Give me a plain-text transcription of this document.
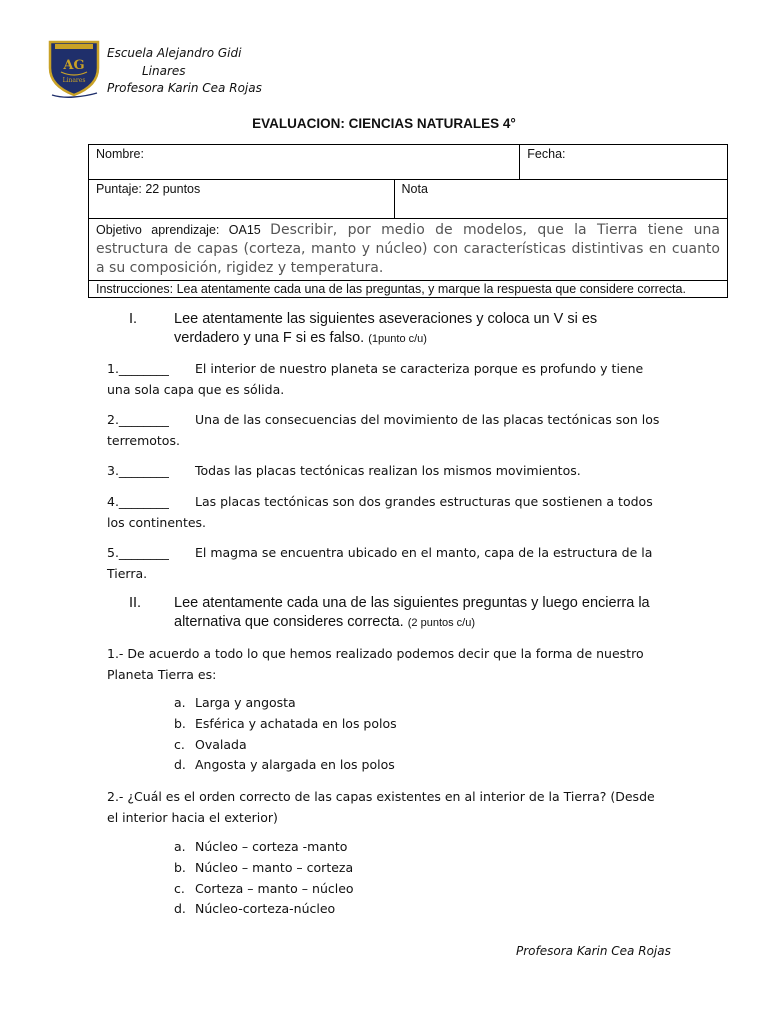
AG
Linares
Escuela Alejandro Gidi
Linares
Profesora Karin Cea Rojas
EVALUACION: CIENCIAS NATURALES 4°
Nombre:		Fecha:
Puntaje: 22 puntos	Nota	
Objetivo aprendizaje: OA15 Describir, por medio de modelos, que la Tierra tiene una estructura de capas (corteza, manto y núcleo) con características distintivas en cuanto a su composición, rigidez y temperatura.		
Instrucciones: Lea atentamente cada una de las preguntas, y marque la respuesta que considere correcta.		
I.	Lee atentamente las siguientes aseveraciones y coloca un V si es verdadero y una F si es falso. (1punto c/u)
1.________ El interior de nuestro planeta se caracteriza porque es profundo y tiene una sola capa que es sólida.
2.________ Una de las consecuencias del movimiento de las placas tectónicas son los terremotos.
3.________ Todas las placas tectónicas realizan los mismos movimientos.
4.________ Las placas tectónicas son dos grandes estructuras que sostienen a todos los continentes.
5.________ El magma se encuentra ubicado en el manto, capa de la estructura de la Tierra.
II. Lee atentamente cada una de las siguientes preguntas y luego encierra la alternativa que consideres correcta. (2 puntos c/u)
1.- De acuerdo a todo lo que hemos realizado podemos decir que la forma de nuestro Planeta Tierra es:
a. Larga y angosta
b. Esférica y achatada en los polos
c. Ovalada
d. Angosta y alargada en los polos
2.- ¿Cuál es el orden correcto de las capas existentes en al interior de la Tierra? (Desde el interior hacia el exterior)
a. Núcleo – corteza -manto
b. Núcleo – manto – corteza
c. Corteza – manto – núcleo
d. Núcleo-corteza-núcleo
Profesora Karin Cea Rojas
